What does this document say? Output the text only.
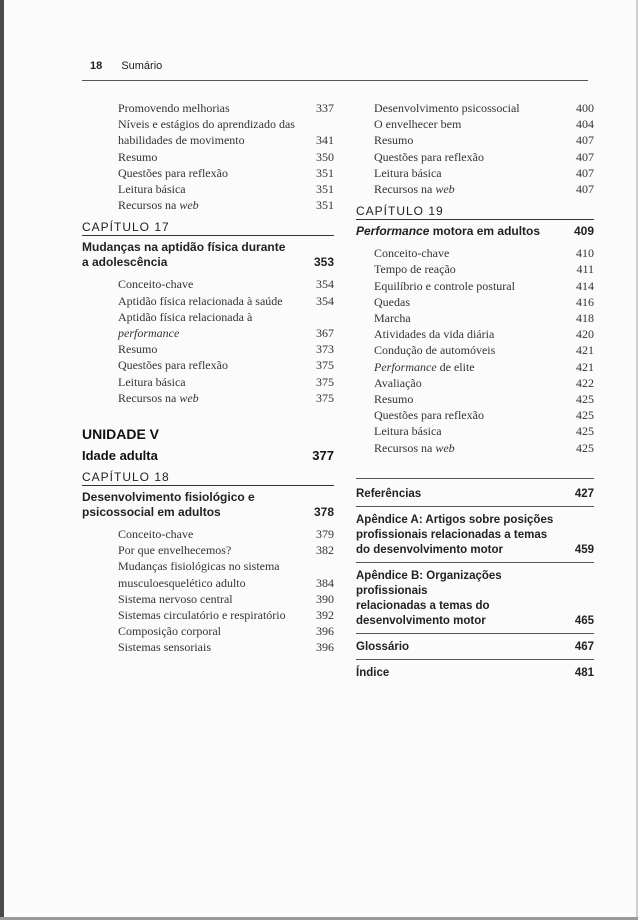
18 Sumário
Promovendo melhorias	337
Níveis e estágios do aprendizado das
habilidades de movimento	341
Resumo	350
Questões para reflexão	351
Leitura básica	351
Recursos na web	351
CAPÍTULO 17
Mudanças na aptidão física durante
a adolescência	353
Conceito-chave	354
Aptidão física relacionada à saúde	354
Aptidão física relacionada à performance	367
Resumo	373
Questões para reflexão	375
Leitura básica	375
Recursos na web	375
UNIDADE V
Idade adulta	377
CAPÍTULO 18
Desenvolvimento fisiológico e
psicossocial em adultos	378
Conceito-chave	379
Por que envelhecemos?	382
Mudanças fisiológicas no sistema
musculoesquelético adulto	384
Sistema nervoso central	390
Sistemas circulatório e respiratório	392
Composição corporal	396
Sistemas sensoriais	396
Desenvolvimento psicossocial	400
O envelhecer bem	404
Resumo	407
Questões para reflexão	407
Leitura básica	407
Recursos na web	407
CAPÍTULO 19
Performance motora em adultos	409
Conceito-chave	410
Tempo de reação	411
Equilíbrio e controle postural	414
Quedas	416
Marcha	418
Atividades da vida diária	420
Condução de automóveis	421
Performance de elite	421
Avaliação	422
Resumo	425
Questões para reflexão	425
Leitura básica	425
Recursos na web	425
Referências	427
Apêndice A: Artigos sobre posições
profissionais relacionadas a temas
do desenvolvimento motor	459
Apêndice B: Organizações profissionais
relacionadas a temas do
desenvolvimento motor	465
Glossário	467
Índice	481
